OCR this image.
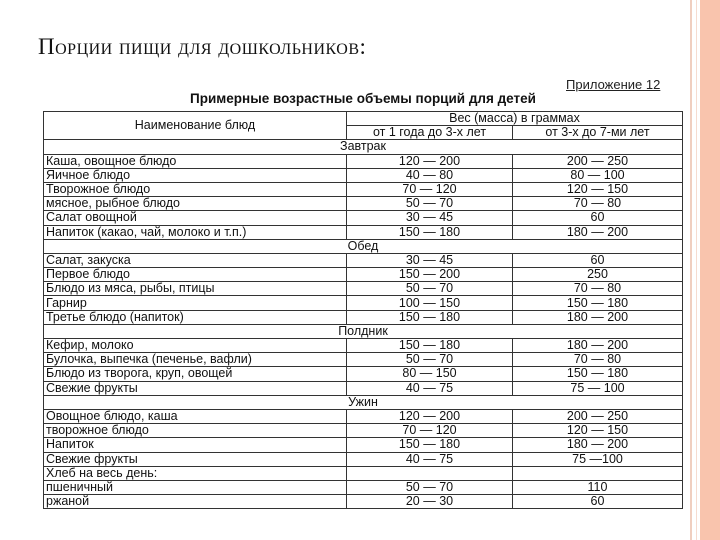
Порции пищи для дошкольников:
Приложение 12
Примерные возрастные объемы порций для детей
Наименование блюд	Вес (масса) в граммах	
	от 1 года до 3-х лет	от 3-х до 7-ми лет
Завтрак		
Каша, овощное блюдо	120 — 200	200 — 250
Яичное блюдо	40 — 80	80 — 100
Творожное блюдо	70 — 120	120 — 150
мясное, рыбное блюдо	50 — 70	70 — 80
Салат овощной	30 — 45	60
Напиток (какао, чай, молоко и т.п.)	150 — 180	180 — 200
Обед		
Салат, закуска	30 — 45	60
Первое блюдо	150 — 200	250
Блюдо из мяса, рыбы, птицы	50 — 70	70 — 80
Гарнир	100 — 150	150 — 180
Третье блюдо (напиток)	150 — 180	180 — 200
Полдник		
Кефир, молоко	150 — 180	180 — 200
Булочка, выпечка (печенье, вафли)	50 — 70	70 — 80
Блюдо из творога, круп, овощей	80 — 150	150 — 180
Свежие фрукты	40 — 75	75 — 100
Ужин		
Овощное блюдо, каша	120 — 200	200 — 250
творожное блюдо	70 — 120	120 — 150
Напиток	150 — 180	180 — 200
Свежие фрукты	40 — 75	75 —100
Хлеб на весь день:		
пшеничный	50 — 70	110
ржаной	20 — 30	60
